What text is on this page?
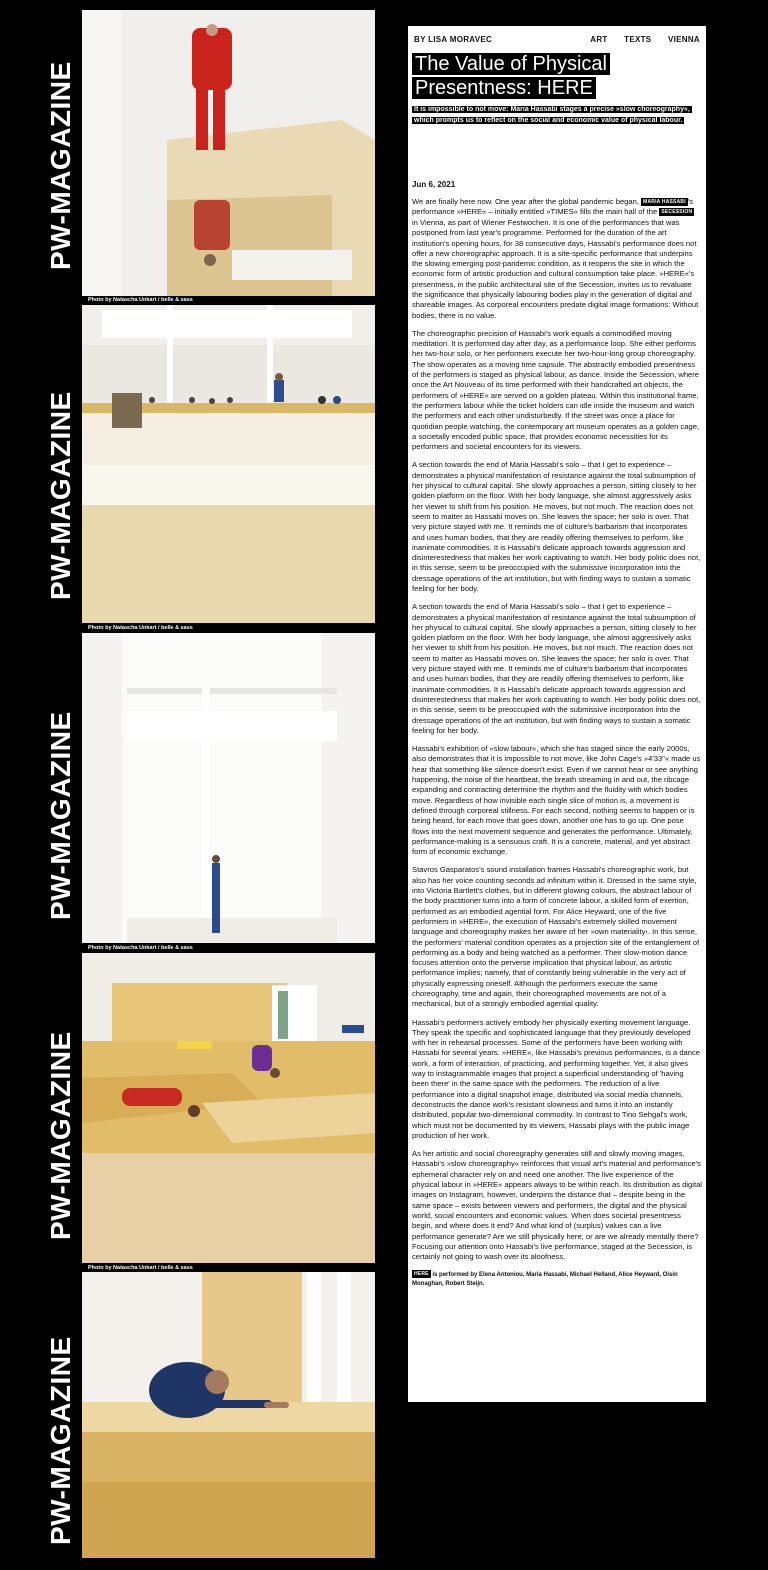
PW-MAGAZINE
PW-MAGAZINE
PW-MAGAZINE
PW-MAGAZINE
PW-MAGAZINE
Photo by Natascha Unkart / belle & sass
Photo by Natascha Unkart / belle & sass
Photo by Natascha Unkart / belle & sass
Photo by Natascha Unkart / belle & sass
BY LISA MORAVEC	ART TEXTS VIENNA
The Value of Physical
Presentness: HERE
It is impossible to not move: Maria Hassabi stages a precise »slow choreography«, which prompts us to reflect on the social and economic value of physical labour.
Jun 6, 2021
We are finally here now. One year after the global pandemic began, MARIA HASSABI 's performance »HERE« – initially entitled »TIMES« fills the main hall of the SECESSION in Vienna, as part of Wiener Festwochen. It is one of the performances that was postponed from last year's programme. Performed for the duration of the art institution's opening hours, for 38 consecutive days, Hassabi's performance does not offer a new choreographic approach. It is a site-specific performance that underpins the slowing emerging post-pandemic condition, as it reopens the site in which the economic form of artistic production and cultural consumption take place. »HERE«'s presentness, in the public architectural site of the Secession, invites us to revaluate the significance that physically labouring bodies play in the generation of digital and shareable images. As corporeal encounters predate digital image formations: Without bodies, there is no value.
The choreographic precision of Hassabi's work equals a commodified moving meditation. It is performed day after day, as a performance loop. She either performs her two-hour solo, or her performers execute her two-hour-long group choreography. The show operates as a moving time capsule. The abstractly embodied presentness of the performers is staged as physical labour, as dance. Inside the Secession, where once the Art Nouveau of its time performed with their handcrafted art objects, the performers of »HERE« are served on a golden plateau. Within this institutional frame, the performers labour while the ticket holders can idle inside the museum and watch the performers and each other undisturbedly. If the street was once a place for quotidian people watching, the contemporary art museum operates as a golden cage, a societally encoded public space, that provides economic necessities for its performers and societal encounters for its viewers.
A section towards the end of Maria Hassabi's solo – that I get to experience – demonstrates a physical manifestation of resistance against the total subsumption of her physical to cultural capital. She slowly approaches a person, sitting closely to her golden platform on the floor. With her body language, she almost aggressively asks her viewer to shift from his position. He moves, but not much. The reaction does not seem to matter as Hassabi moves on. She leaves the space; her solo is over. That very picture stayed with me. It reminds me of culture's barbarism that incorporates and uses human bodies, that they are readily offering themselves to perform, like inanimate commodities. It is Hassabi's delicate approach towards aggression and disinterestedness that makes her work captivating to watch. Her body politic does not, in this sense, seem to be preoccupied with the submissive incorporation into the dressage operations of the art institution, but with finding ways to sustain a somatic feeling for her body.
A section towards the end of Maria Hassabi's solo – that I get to experience – demonstrates a physical manifestation of resistance against the total subsumption of her physical to cultural capital. She slowly approaches a person, sitting closely to her golden platform on the floor. With her body language, she almost aggressively asks her viewer to shift from his position. He moves, but not much. The reaction does not seem to matter as Hassabi moves on. She leaves the space; her solo is over. That very picture stayed with me. It reminds me of culture's barbarism that incorporates and uses human bodies, that they are readily offering themselves to perform, like inanimate commodities. It is Hassabi's delicate approach towards aggression and disinterestedness that makes her work captivating to watch. Her body politic does not, in this sense, seem to be preoccupied with the submissive incorporation into the dressage operations of the art institution, but with finding ways to sustain a somatic feeling for her body.
Hassabi's exhibition of »slow labour«, which she has staged since the early 2000s, also demonstrates that it is impossible to not move, like John Cage's »4'33"« made us hear that something like silence doesn't exist. Even if we cannot hear or see anything happening, the noise of the heartbeat, the breath streaming in and out, the ribcage expanding and contracting determine the rhythm and the fluidity with which bodies move. Regardless of how invisible each single slice of motion is, a movement is defined through corporeal stillness. For each second, nothing seems to happen or is being heard, for each move that goes down, another one has to go up. One pose flows into the next movement sequence and generates the performance. Ultimately, performance-making is a sensuous craft. It is a concrete, material, and yet abstract form of economic exchange.
Stavros Gasparatos's sound installation frames Hassabi's choreographic work, but also has her voice counting seconds ad infinitum within it. Dressed in the same style, into Victoria Bartlett's clothes, but in different glowing colours, the abstract labour of the body practitioner turns into a form of concrete labour, a skilled form of exertion, performed as an embodied agential form. For Alice Heyward, one of the five performers in »HERE«, the execution of Hassabi's extremely skilled movement language and choreography makes her aware of her »own materiality‹. In this sense, the performers' material condition operates as a projection site of the entanglement of performing as a body and being watched as a performer. Their slow-motion dance focuses attention onto the perverse implication that physical labour, as artistic performance implies; namely, that of constantly being vulnerable in the very act of physically expressing oneself. Although the performers execute the same choreography, time and again, their choreographed movements are not of a mechanical, but of a strongly embodied agential quality.
Hassabi's performers actively embody her physically exerting movement language. They speak the specific and sophisticated language that they previously developed with her in rehearsal processes. Some of the performers have been working with Hassabi for several years. »HERE«, like Hassabi's previous performances, is a dance work, a form of interaction, of practicing, and performing together. Yet, it also gives way to instagrammable images that project a superficial understanding of 'having been there' in the same space with the performers. The reduction of a live performance into a digital snapshot image, distributed via social media channels, deconstructs the dance work's resistant slowness and turns it into an instantly distributed, popular two-dimensional commodity. In contrast to Tino Sehgal's work, which must not be documented by its viewers, Hassabi plays with the public image production of her work.
As her artistic and social choreography generates still and slowly moving images, Hassabi's »slow choreography« reinforces that visual art's material and performance's ephemeral character rely on and need one another. The live experience of the physical labour in »HERE« appears always to be within reach. Its distribution as digital images on Instagram, however, underpins the distance that – despite being in the same space – exists between viewers and performers, the digital and the physical world, social encounters and economic values. When does societal presentness begin, and where does it end? And what kind of (surplus) values can a live performance generate? Are we still physically here, or are we already mentally there? Focusing our attention onto Hassabi's live performance, staged at the Secession, is certainly not going to wash over its aloofness.
HERE is performed by Elena Antoniou, Maria Hassabi, Michael Helland, Alice Heyward, Oisin Monaghan, Robert Steijn.
